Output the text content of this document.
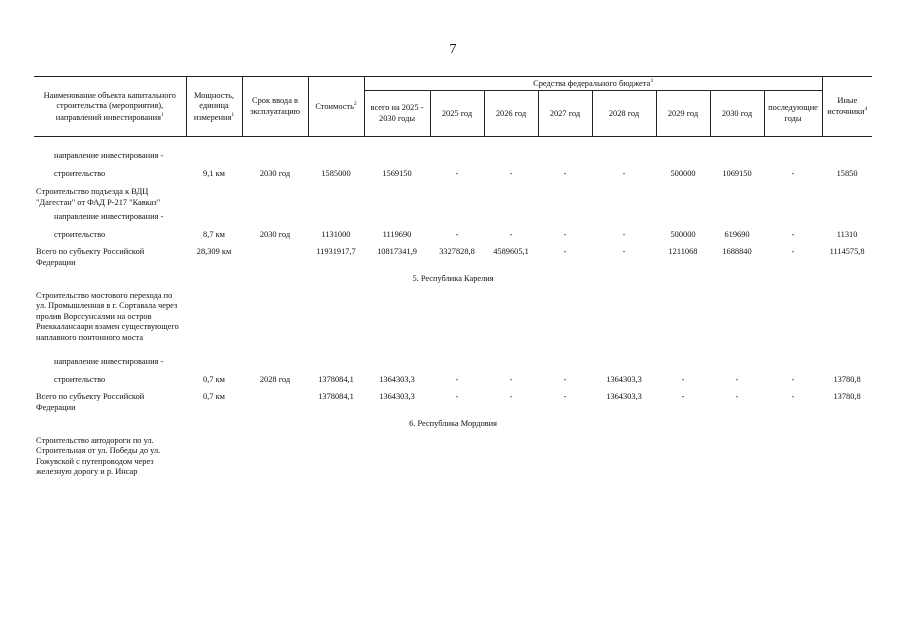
7
Наименование объекта капитального строительства (мероприятия), направлений инвестирования$^1$	Мощность, единица измерения$^1$	Срок ввода в эксплуатацию	Стоимость$^2$	Средства федерального бюджета$^3$								Иные источники$^4$
				всего на 2025 - 2030 годы	2025 год	2026 год	2027 год	2028 год	2029 год	2030 год	последующие годы	

направление инвестирования -												
строительство	9,1 км	2030 год	1585000	1569150	-	-	-	-	500000	1069150	-	15850
Строительство подъезда к ВДЦ "Дагестан" от ФАД Р-217 "Кавказ"												
направление инвестирования -												
строительство	8,7 км	2030 год	1131000	1119690	-	-	-	-	500000	619690	-	11310
Всего по субъекту Российской Федерации	28,309 км		11931917,7	10817341,9	3327828,8	4589605,1	-	-	1211068	1688840	-	1114575,8
5. Республика Карелия												
Строительство мостового перехода по ул. Промышленная в г. Сортавала через пролив Ворссунсалми на остров Риеккалансаари взамен существующего наплавного понтонного моста												

направление инвестирования -												
строительство	0,7 км	2028 год	1378084,1	1364303,3	-	-	-	1364303,3	-	-	-	13780,8
Всего по субъекту Российской Федерации	0,7 км		1378084,1	1364303,3	-	-	-	1364303,3	-	-	-	13780,8
6. Республика Мордовия												
Строительство автодороги по ул. Строительная от ул. Победы до ул. Гожувской с путепроводом через железную дорогу и р. Инсар												
